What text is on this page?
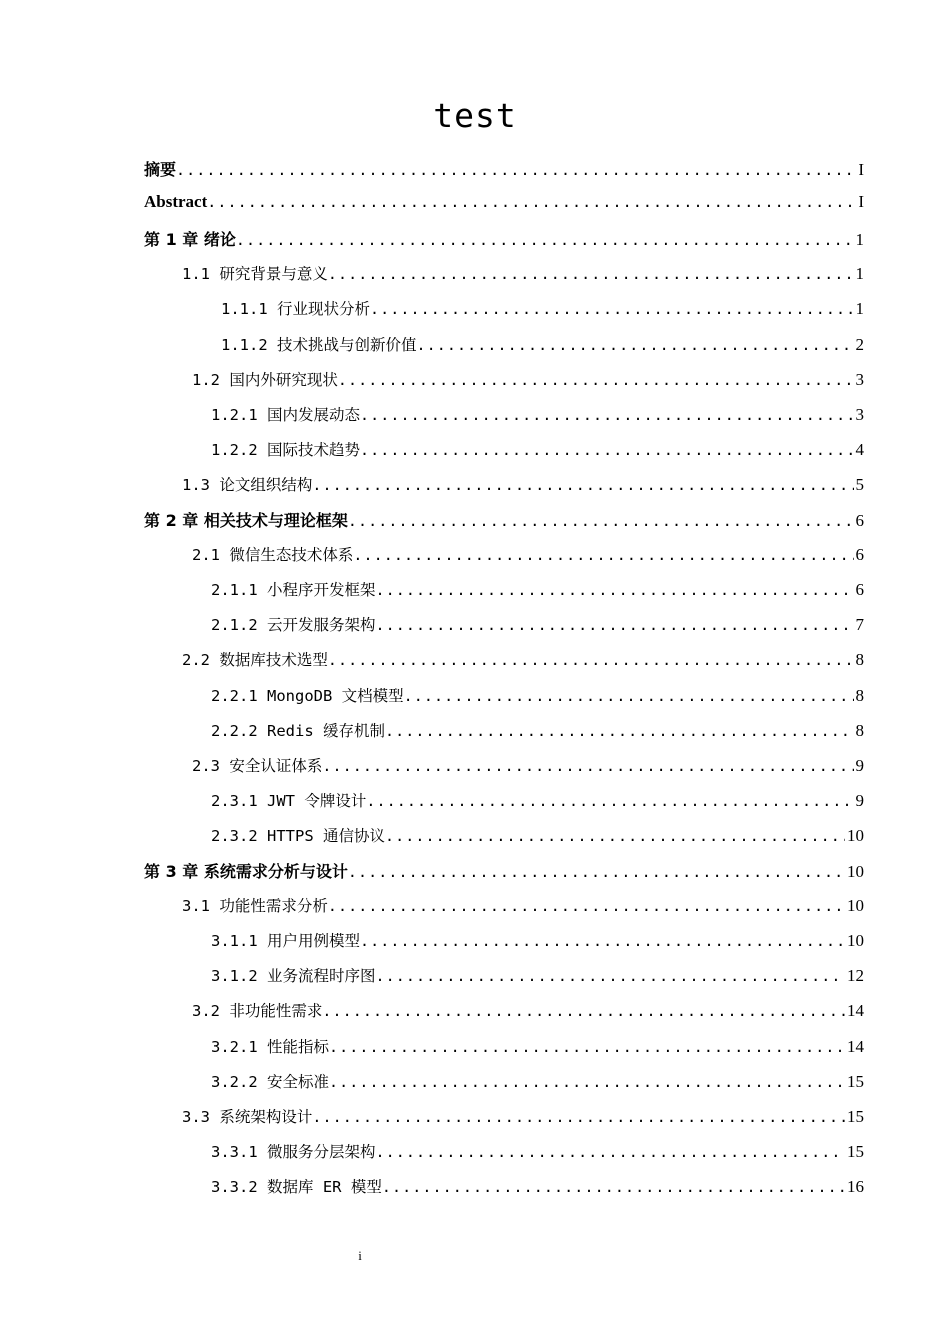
test
摘要 .....	I
Abstract .....	I
第 1 章 绪论 .....	1
1.1 研究背景与意义 .....	1
1.1.1 行业现状分析 .....	1
1.1.2 技术挑战与创新价值 .....	2
1.2 国内外研究现状 .....	3
1.2.1 国内发展动态 .....	3
1.2.2 国际技术趋势 .....	4
1.3 论文组织结构 .....	5
第 2 章 相关技术与理论框架 .....	6
2.1 微信生态技术体系 .....	6
2.1.1 小程序开发框架 .....	6
2.1.2 云开发服务架构 .....	7
2.2 数据库技术选型 .....	8
2.2.1 MongoDB 文档模型 .....	8
2.2.2 Redis 缓存机制 .....	8
2.3 安全认证体系 .....	9
2.3.1 JWT 令牌设计 .....	9
2.3.2 HTTPS 通信协议 .....	10
第 3 章 系统需求分析与设计 .....	10
3.1 功能性需求分析 .....	10
3.1.1 用户用例模型 .....	10
3.1.2 业务流程时序图 .....	12
3.2 非功能性需求 .....	14
3.2.1 性能指标 .....	14
3.2.2 安全标准 .....	15
3.3 系统架构设计 .....	15
3.3.1 微服务分层架构 .....	15
3.3.2 数据库 ER 模型 .....	16
i
